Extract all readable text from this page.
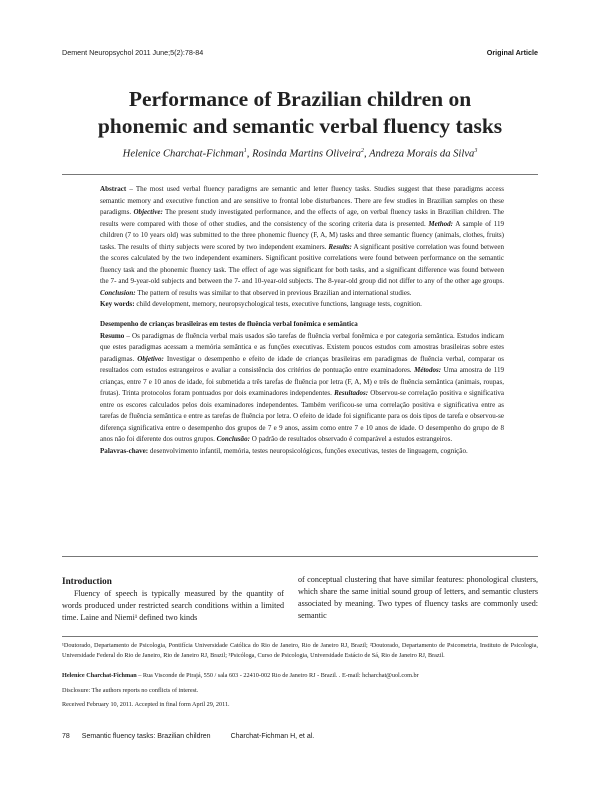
Dement Neuropsychol 2011 June;5(2):78-84	Original Article
Performance of Brazilian children on
phonemic and semantic verbal fluency tasks
Helenice Charchat-Fichman$^1$, Rosinda Martins Oliveira$^2$, Andreza Morais da Silva$^3$

Abstract – The most used verbal fluency paradigms are semantic and letter fluency tasks. Studies suggest that these paradigms access semantic memory and executive function and are sensitive to frontal lobe disturbances. There are few studies in Brazilian samples on these paradigms. Objective: The present study investigated performance, and the effects of age, on verbal fluency tasks in Brazilian children. The results were compared with those of other studies, and the consistency of the scoring criteria data is presented. Method: A sample of 119 children (7 to 10 years old) was submitted to the three phonemic fluency (F, A, M) tasks and three semantic fluency (animals, clothes, fruits) tasks. The results of thirty subjects were scored by two independent examiners. Results: A significant positive correlation was found between the scores calculated by the two independent examiners. Significant positive correlations were found between performance on the semantic fluency task and the phonemic fluency task. The effect of age was significant for both tasks, and a significant difference was found between the 7- and 9-year-old subjects and between the 7- and 10-year-old subjects. The 8-year-old group did not differ to any of the other age groups. Conclusion: The pattern of results was similar to that observed in previous Brazilian and international studies.

Key words: child development, memory, neuropsychological tests, executive functions, language tests, cognition.

Desempenho de crianças brasileiras em testes de fluência verbal fonêmica e semântica

Resumo – Os paradigmas de fluência verbal mais usados são tarefas de fluência verbal fonêmica e por categoria semântica. Estudos indicam que estes paradigmas acessam a memória semântica e as funções executivas. Existem poucos estudos com amostras brasileiras sobre estes paradigmas. Objetivo: Investigar o desempenho e efeito de idade de crianças brasileiras em paradigmas de fluência verbal, comparar os resultados com estudos estrangeiros e avaliar a consistência dos critérios de pontuação entre examinadores. Métodos: Uma amostra de 119 crianças, entre 7 e 10 anos de idade, foi submetida a três tarefas de fluência por letra (F, A, M) e três de fluência semântica (animais, roupas, frutas). Trinta protocolos foram pontuados por dois examinadores independentes. Resultados: Observou-se correlação positiva e significativa entre os escores calculados pelos dois examinadores independentes. Também verificou-se uma correlação positiva e significativa entre as tarefas de fluência semântica e entre as tarefas de fluência por letra. O efeito de idade foi significante para os dois tipos de tarefa e observou-se diferença significativa entre o desempenho dos grupos de 7 e 9 anos, assim como entre 7 e 10 anos de idade. O desempenho do grupo de 8 anos não foi diferente dos outros grupos. Conclusão: O padrão de resultados observado é comparável a estudos estrangeiros.

Palavras-chave: desenvolvimento infantil, memória, testes neuropsicológicos, funções executivas, testes de linguagem, cognição.

Introduction

Fluency of speech is typically measured by the quantity of words produced under restricted search conditions within a limited time. Laine and Niemi¹ defined two kinds

of conceptual clustering that have similar features: phonological clusters, which share the same initial sound group of letters, and semantic clusters associated by meaning. Two types of fluency tasks are commonly used: semantic

¹Doutorado, Departamento de Psicologia, Pontifícia Universidade Católica do Rio de Janeiro, Rio de Janeiro RJ, Brazil; ²Doutorado, Departamento de Psicometria, Instituto de Psicologia, Universidade Federal do Rio de Janeiro, Rio de Janeiro RJ, Brazil; ³Psicóloga, Curso de Psicologia, Universidade Estácio de Sá, Rio de Janeiro RJ, Brazil.
Helenice Charchat-Fichman – Rua Visconde de Pirajá, 550 / sala 603 - 22410-002 Rio de Janeiro RJ - Brazil. . E-mail: hcharchat@uol.com.br
Disclosure: The authors reports no conflicts of interest.
Received February 10, 2011. Accepted in final form April 29, 2011.
78 Semantic fluency tasks: Brazilian children	Charchat-Fichman H, et al.
